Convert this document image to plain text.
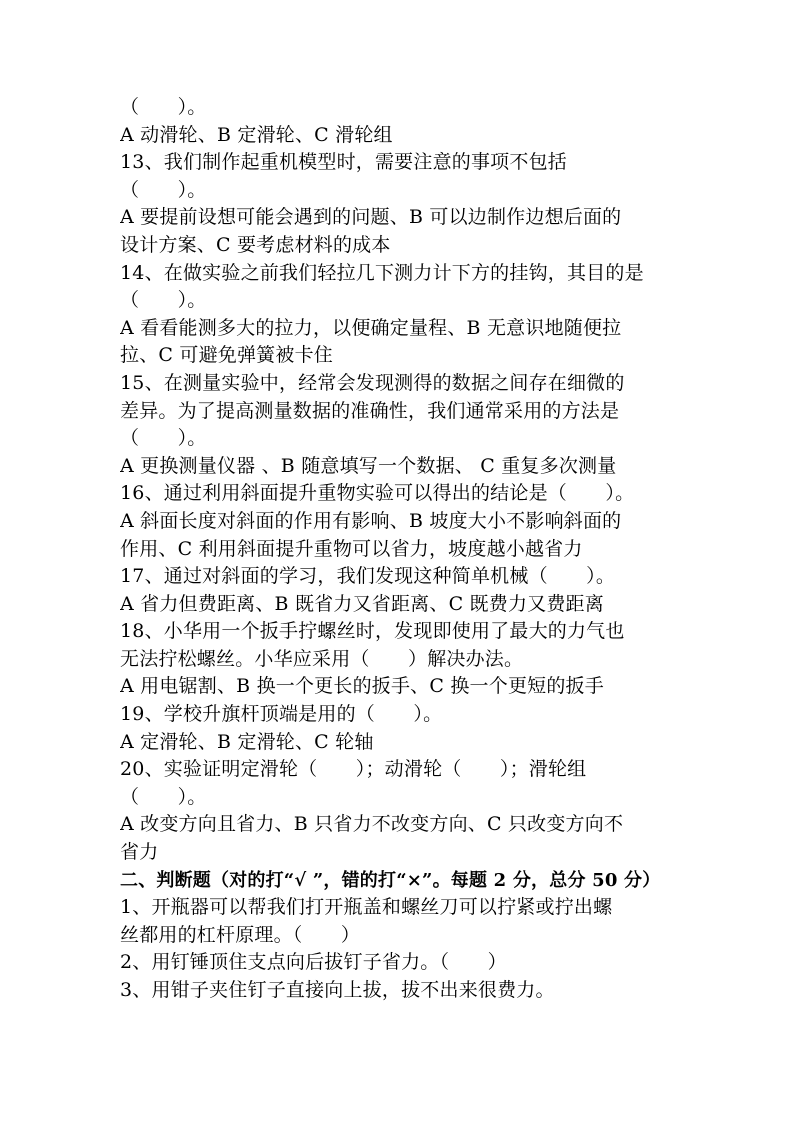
（　　）。
A 动滑轮、B 定滑轮、C 滑轮组
13、我们制作起重机模型时，需要注意的事项不包括
（　　）。
A 要提前设想可能会遇到的问题、B 可以边制作边想后面的
设计方案、C 要考虑材料的成本
14、在做实验之前我们轻拉几下测力计下方的挂钩，其目的是
（　　）。
A 看看能测多大的拉力，以便确定量程、B 无意识地随便拉
拉、C 可避免弹簧被卡住
15、在测量实验中，经常会发现测得的数据之间存在细微的
差异。为了提高测量数据的准确性，我们通常采用的方法是
（　　）。
A 更换测量仪器 、B 随意填写一个数据、 C 重复多次测量
16、通过利用斜面提升重物实验可以得出的结论是（　　）。
A 斜面长度对斜面的作用有影响、B 坡度大小不影响斜面的
作用、C 利用斜面提升重物可以省力，坡度越小越省力
17、通过对斜面的学习，我们发现这种简单机械（　　）。
A 省力但费距离、B 既省力又省距离、C 既费力又费距离
18、小华用一个扳手拧螺丝时，发现即使用了最大的力气也
无法拧松螺丝。小华应采用（　　）解决办法。
A 用电锯割、B 换一个更长的扳手、C 换一个更短的扳手
19、学校升旗杆顶端是用的（　　）。
A 定滑轮、B 定滑轮、C 轮轴
20、实验证明定滑轮（　　）；动滑轮（　　）；滑轮组
（　　）。
A 改变方向且省力、B 只省力不改变方向、C 只改变方向不
省力
二、判断题（对的打“√ ”，错的打“×”。每题 2 分，总分 50 分）
1、开瓶器可以帮我们打开瓶盖和螺丝刀可以拧紧或拧出螺
丝都用的杠杆原理。（　　）
2、用钉锤顶住支点向后拔钉子省力。（　　）
3、用钳子夹住钉子直接向上拔，拔不出来很费力。
